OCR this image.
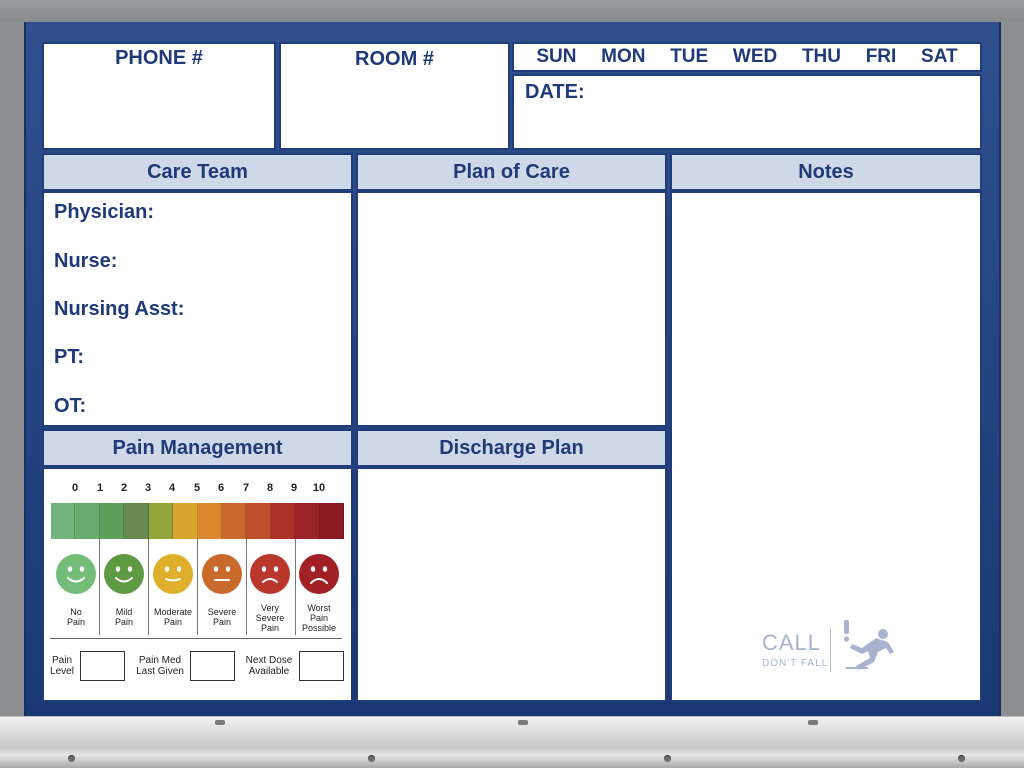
PHONE #	ROOM #	SUN MON TUE WED THU FRI SAT
DATE:
Care Team
Physician:
Nurse:
Nursing Asst:
PT:
OT:
Plan of Care	Notes
Pain Management	Discharge Plan
0 1 2 3 4 5 6 7 8 9 10
No
Pain
Mild
Pain
Moderate
Pain
Severe
Pain
Very
Severe
Pain
Worst
Pain
Possible
Pain
Level
Pain Med
Last Given
Next Dose
Available
CALL
DON'T FALL
